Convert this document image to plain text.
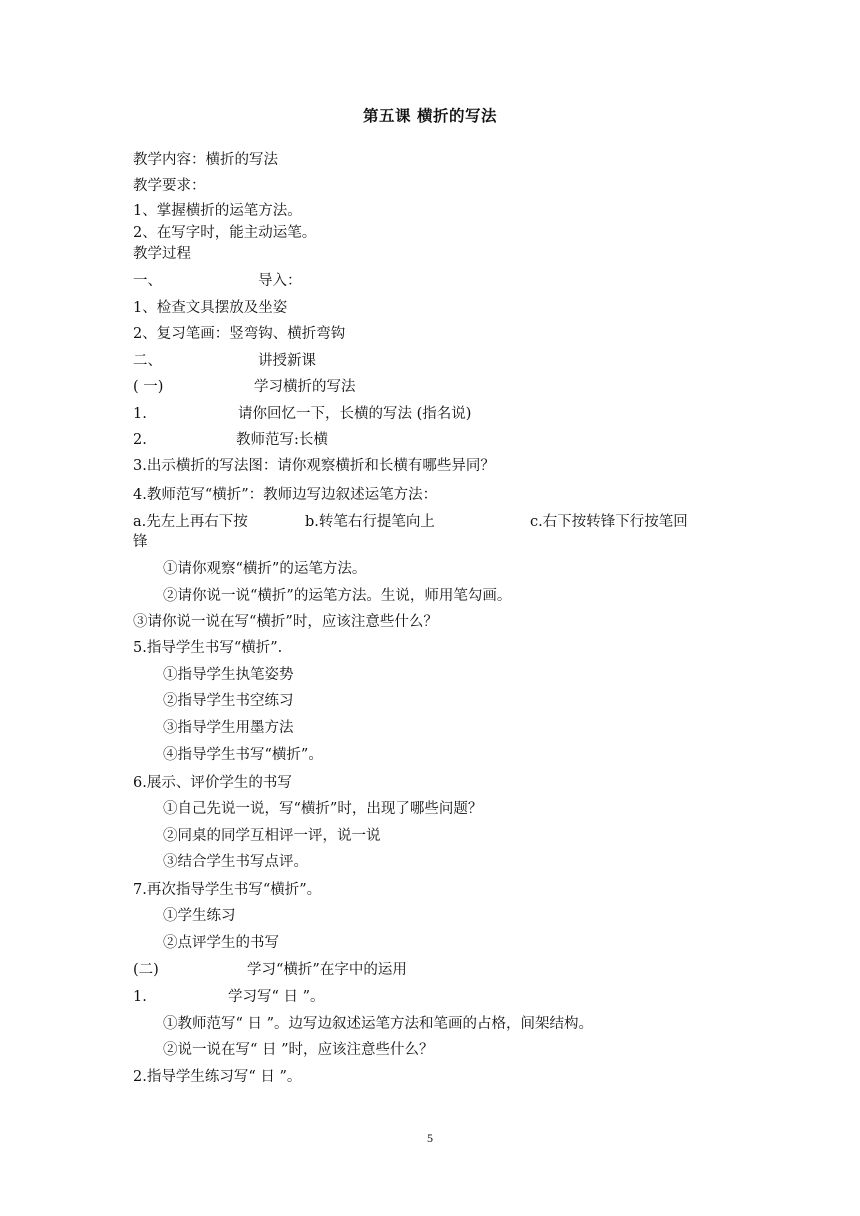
第五课 横折的写法
教学内容：横折的写法
教学要求：
1、掌握横折的运笔方法。
2、在写字时，能主动运笔。
教学过程
一、	导入：
1、检查文具摆放及坐姿
2、复习笔画：竖弯钩、横折弯钩
二、	讲授新课
( 一)	学习横折的写法
1.	请你回忆一下，长横的写法 (指名说)
2.	教师范写:长横
3.出示横折的写法图：请你观察横折和长横有哪些异同？
4.教师范写“横折”：教师边写边叙述运笔方法：
a.先左上再右下按	b.转笔右行提笔向上	c.右下按转锋下行按笔回
锋
①请你观察“横折”的运笔方法。
②请你说一说“横折”的运笔方法。生说，师用笔勾画。
③请你说一说在写“横折”时，应该注意些什么？
5.指导学生书写“横折”.
①指导学生执笔姿势
②指导学生书空练习
③指导学生用墨方法
④指导学生书写“横折”。
6.展示、评价学生的书写
①自己先说一说，写“横折”时，出现了哪些问题？
②同桌的同学互相评一评，说一说
③结合学生书写点评。
7.再次指导学生书写“横折”。
①学生练习
②点评学生的书写
(二)	学习“横折”在字中的运用
1.	学习写“ 日 ”。
①教师范写“ 日 ”。边写边叙述运笔方法和笔画的占格，间架结构。
②说一说在写“ 日 ”时，应该注意些什么？
2.指导学生练习写“ 日 ”。
5
